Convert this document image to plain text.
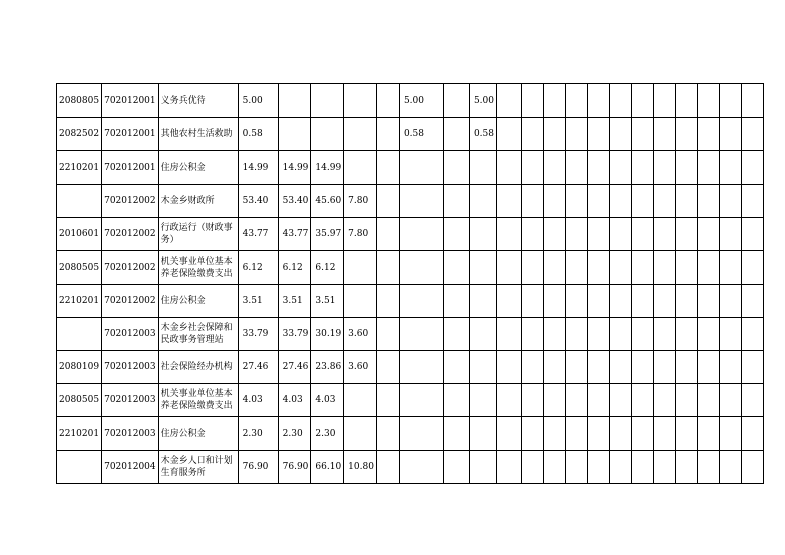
2080805	702012001	义务兵优待	5.00					5.00		5.00												
2082502	702012001	其他农村生活救助	0.58					0.58		0.58												
2210201	702012001	住房公积金	14.99	14.99	14.99																	
	702012002	木金乡财政所	53.40	53.40	45.60	7.80																
2010601	702012002	行政运行（财政事务）	43.77	43.77	35.97	7.80																
2080505	702012002	机关事业单位基本养老保险缴费支出	6.12	6.12	6.12																	
2210201	702012002	住房公积金	3.51	3.51	3.51																	
	702012003	木金乡社会保障和民政事务管理站	33.79	33.79	30.19	3.60																
2080109	702012003	社会保险经办机构	27.46	27.46	23.86	3.60																
2080505	702012003	机关事业单位基本养老保险缴费支出	4.03	4.03	4.03																	
2210201	702012003	住房公积金	2.30	2.30	2.30																	
	702012004	木金乡人口和计划生育服务所	76.90	76.90	66.10	10.80																
